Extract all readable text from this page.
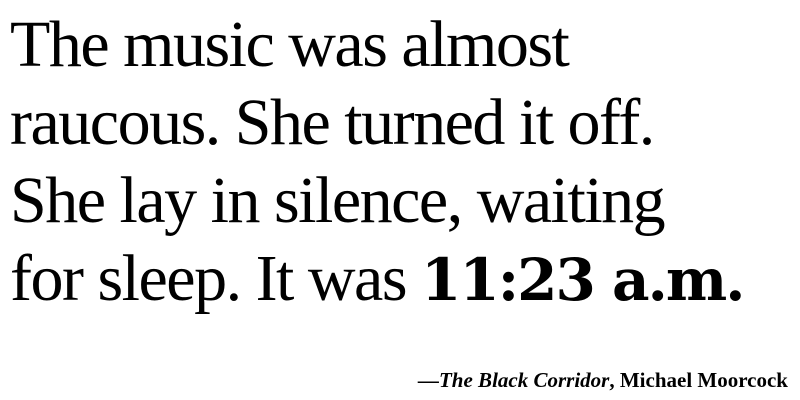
The music was almost
raucous. She turned it off.
She lay in silence, waiting
for sleep. It was 11:23 a.m.
—The Black Corridor, Michael Moorcock
